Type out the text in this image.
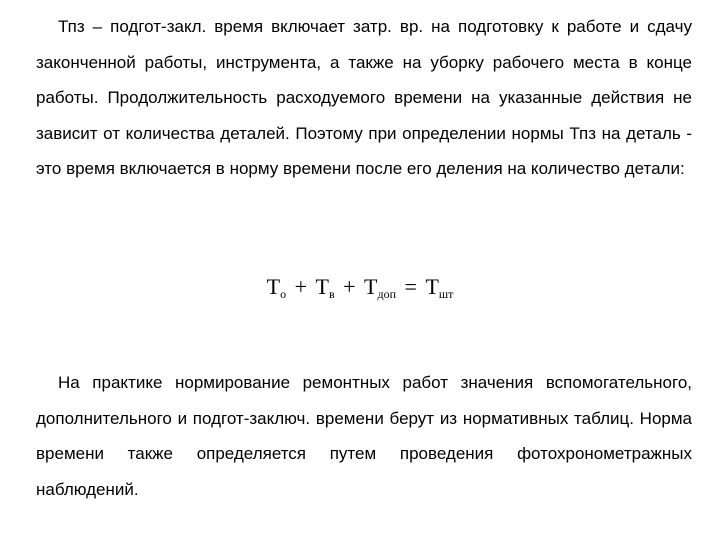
Тпз – подгот-закл. время включает затр. вр. на подготовку к работе и сдачу законченной работы, инструмента, а также на уборку рабочего места в конце работы. Продолжительность расходуемого времени на указанные действия не зависит от количества деталей. Поэтому при определении нормы Тпз на деталь - это время включается в норму времени после его деления на количество детали:

$Т_о + Т_в + Т_{доп} = Т_{шт}$

На практике нормирование ремонтных работ значения вспомогательного, дополнительного и подгот-заключ. времени берут из нормативных таблиц. Норма времени также определяется путем проведения фотохронометражных наблюдений.
